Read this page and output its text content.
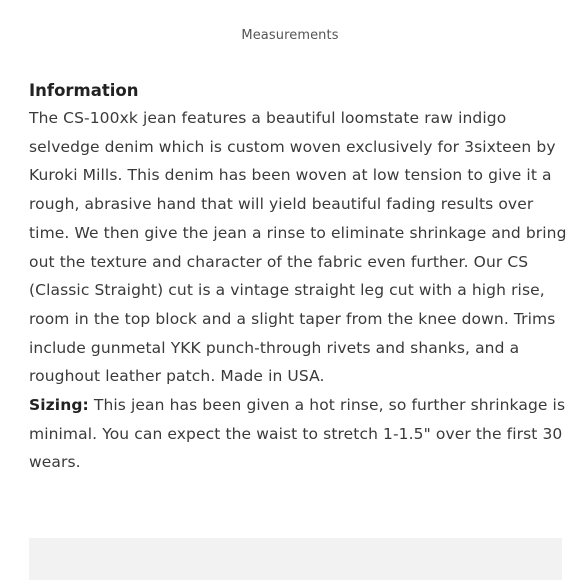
Measurements
Information

The CS-100xk jean features a beautiful loomstate raw indigo selvedge denim which is custom woven exclusively for 3sixteen by Kuroki Mills. This denim has been woven at low tension to give it a rough, abrasive hand that will yield beautiful fading results over time. We then give the jean a rinse to eliminate shrinkage and bring out the texture and character of the fabric even further. Our CS (Classic Straight) cut is a vintage straight leg cut with a high rise, room in the top block and a slight taper from the knee down. Trims include gunmetal YKK punch-through rivets and shanks, and a roughout leather patch. Made in USA.

Sizing: This jean has been given a hot rinse, so further shrinkage is minimal. You can expect the waist to stretch 1-1.5" over the first 30 wears.
